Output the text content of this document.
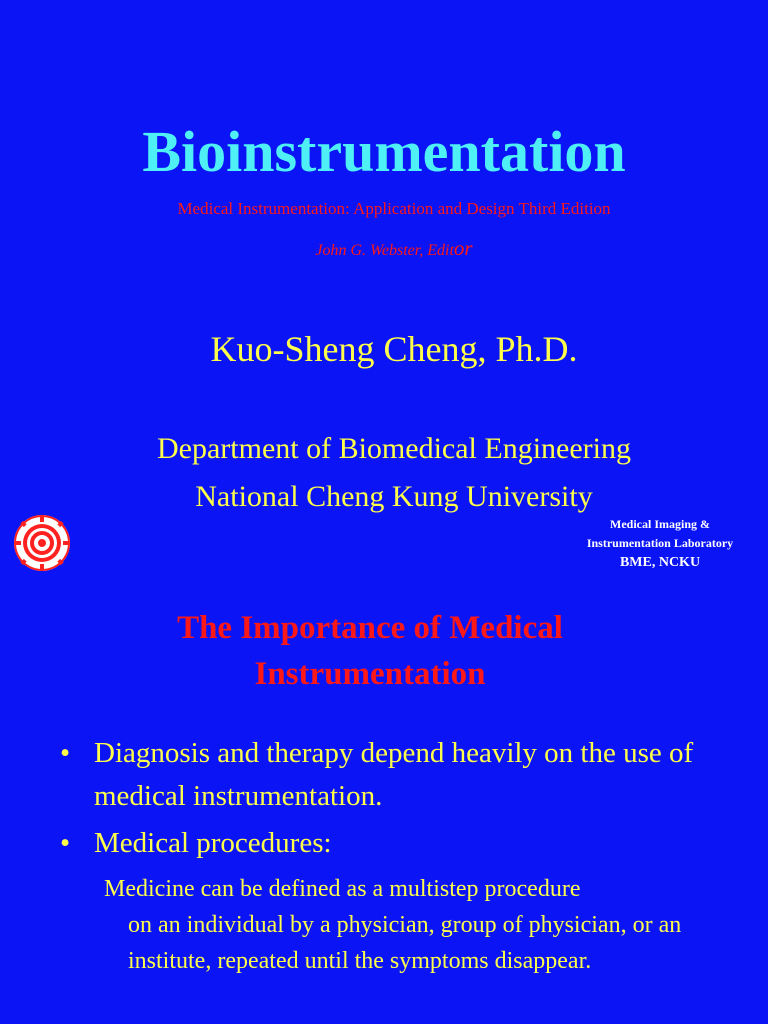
Bioinstrumentation
Medical Instrumentation: Application and Design Third Edition
John G. Webster, Editor
Kuo-Sheng Cheng, Ph.D.
Department of Biomedical Engineering
National Cheng Kung University
Medical Imaging &
Instrumentation Laboratory
BME, NCKU
The Importance of Medical
Instrumentation
• Diagnosis and therapy depend heavily on the use of medical instrumentation.
• Medical procedures:
Medicine can be defined as a multistep procedure
on an individual by a physician, group of physician, or an institute, repeated until the symptoms disappear.
